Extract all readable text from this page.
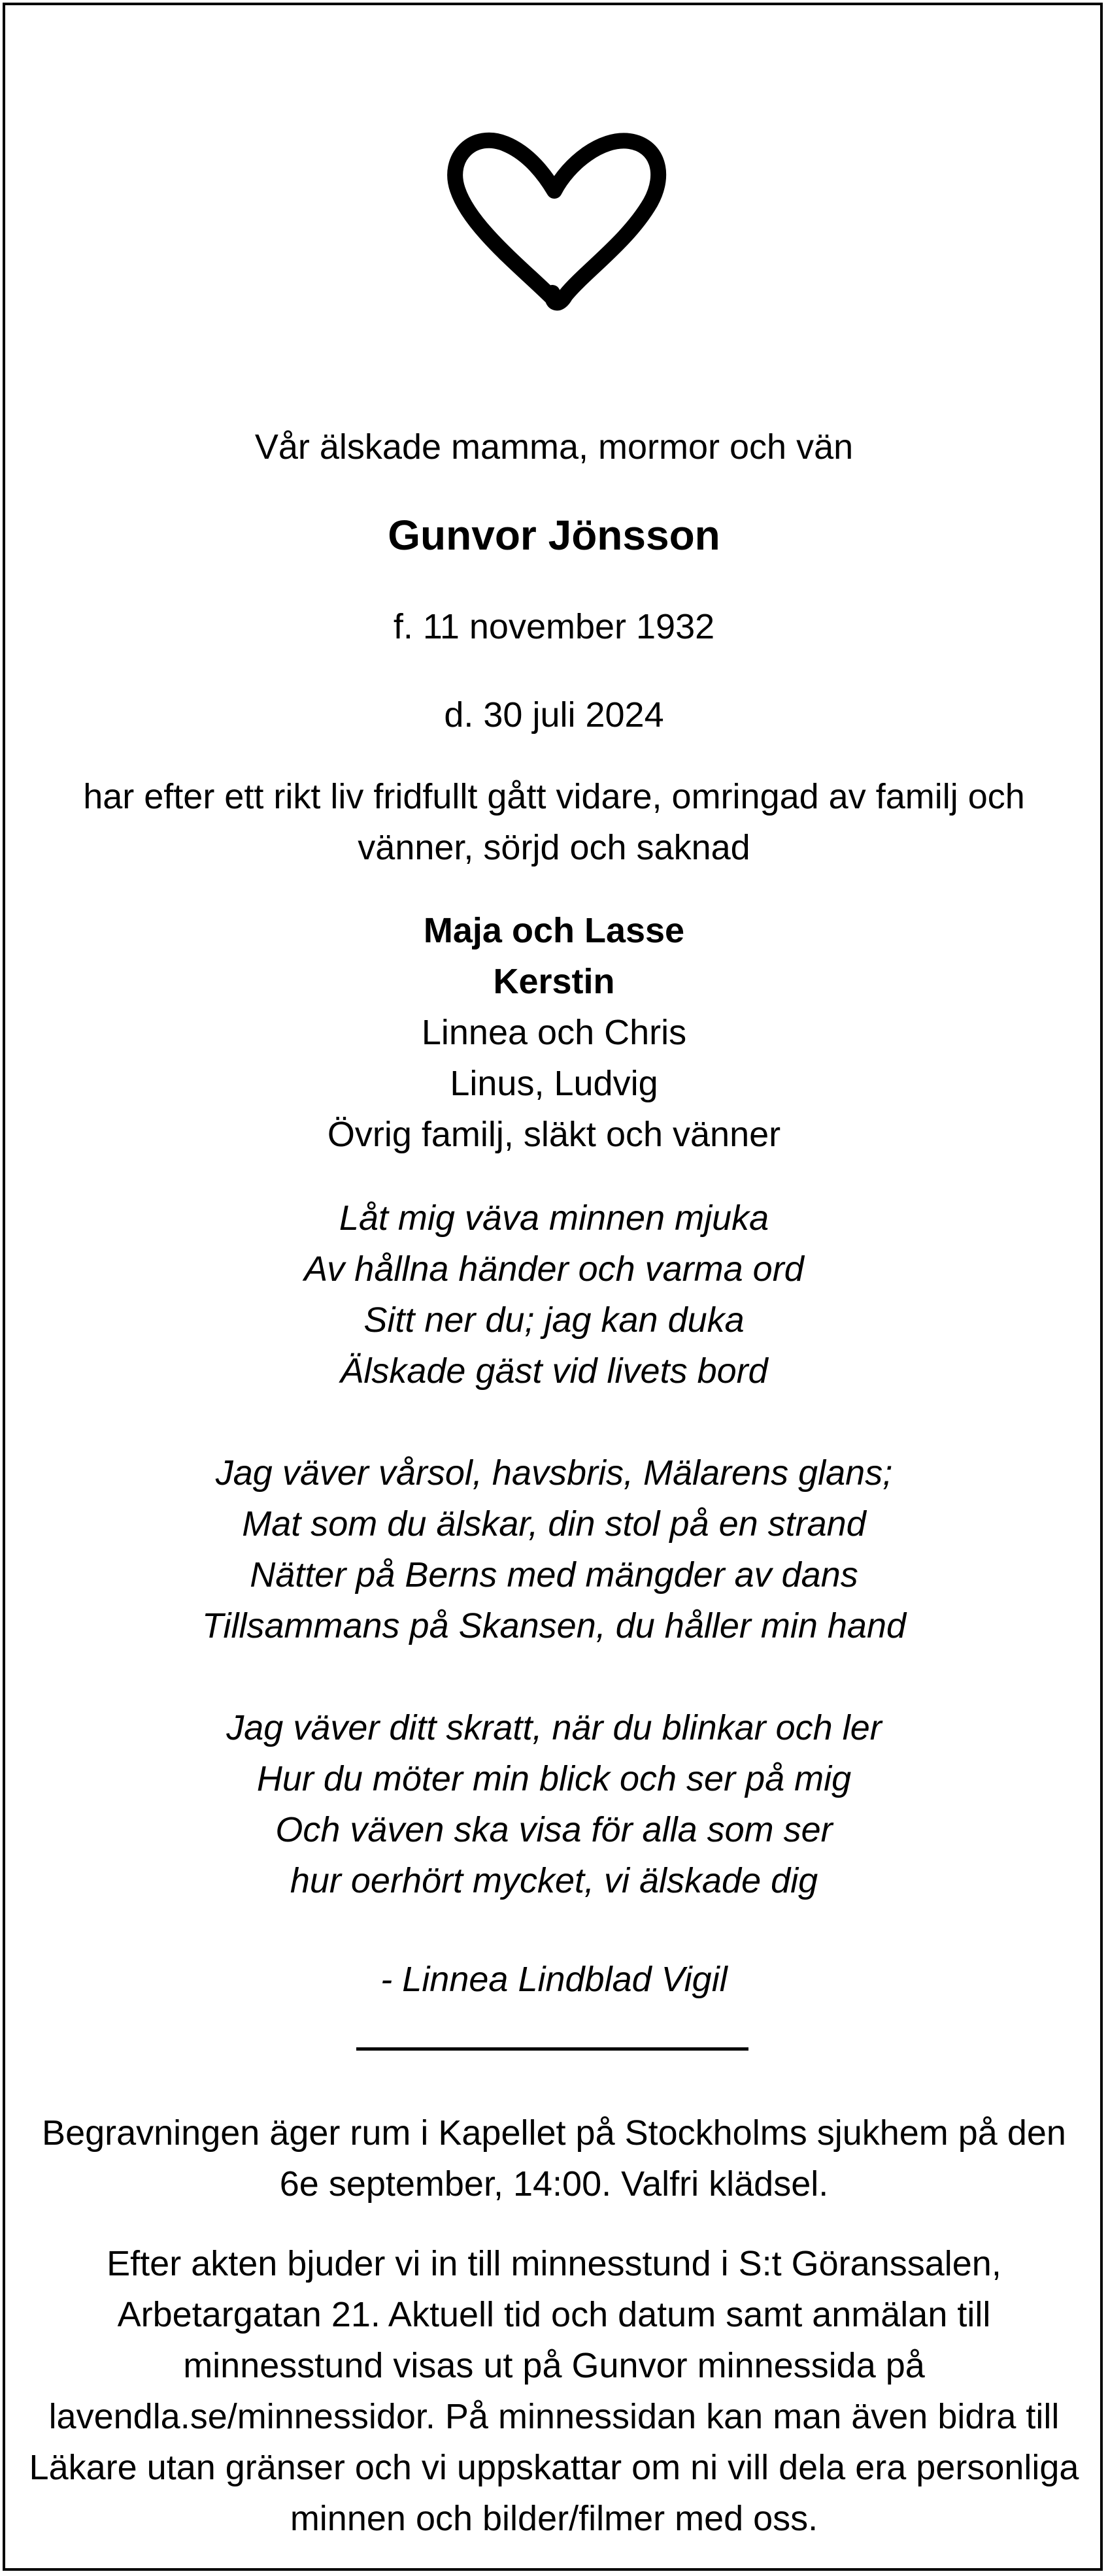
Vår älskade mamma, mormor och vän
Gunvor Jönsson
f. 11 november 1932
d. 30 juli 2024
har efter ett rikt liv fridfullt gått vidare, omringad av familj och vänner, sörjd och saknad
Maja och Lasse
Kerstin
Linnea och Chris
Linus, Ludvig
Övrig familj, släkt och vänner
Låt mig väva minnen mjuka
Av hållna händer och varma ord
Sitt ner du; jag kan duka
Älskade gäst vid livets bord
Jag väver vårsol, havsbris, Mälarens glans;
Mat som du älskar, din stol på en strand
Nätter på Berns med mängder av dans
Tillsammans på Skansen, du håller min hand
Jag väver ditt skratt, när du blinkar och ler
Hur du möter min blick och ser på mig
Och väven ska visa för alla som ser
hur oerhört mycket, vi älskade dig
- Linnea Lindblad Vigil
Begravningen äger rum i Kapellet på Stockholms sjukhem på den 6e september, 14:00. Valfri klädsel.
Efter akten bjuder vi in till minnesstund i S:t Göranssalen, Arbetargatan 21. Aktuell tid och datum samt anmälan till minnesstund visas ut på Gunvor minnessida på lavendla.se/minnessidor. På minnessidan kan man även bidra till Läkare utan gränser och vi uppskattar om ni vill dela era personliga minnen och bilder/filmer med oss.
